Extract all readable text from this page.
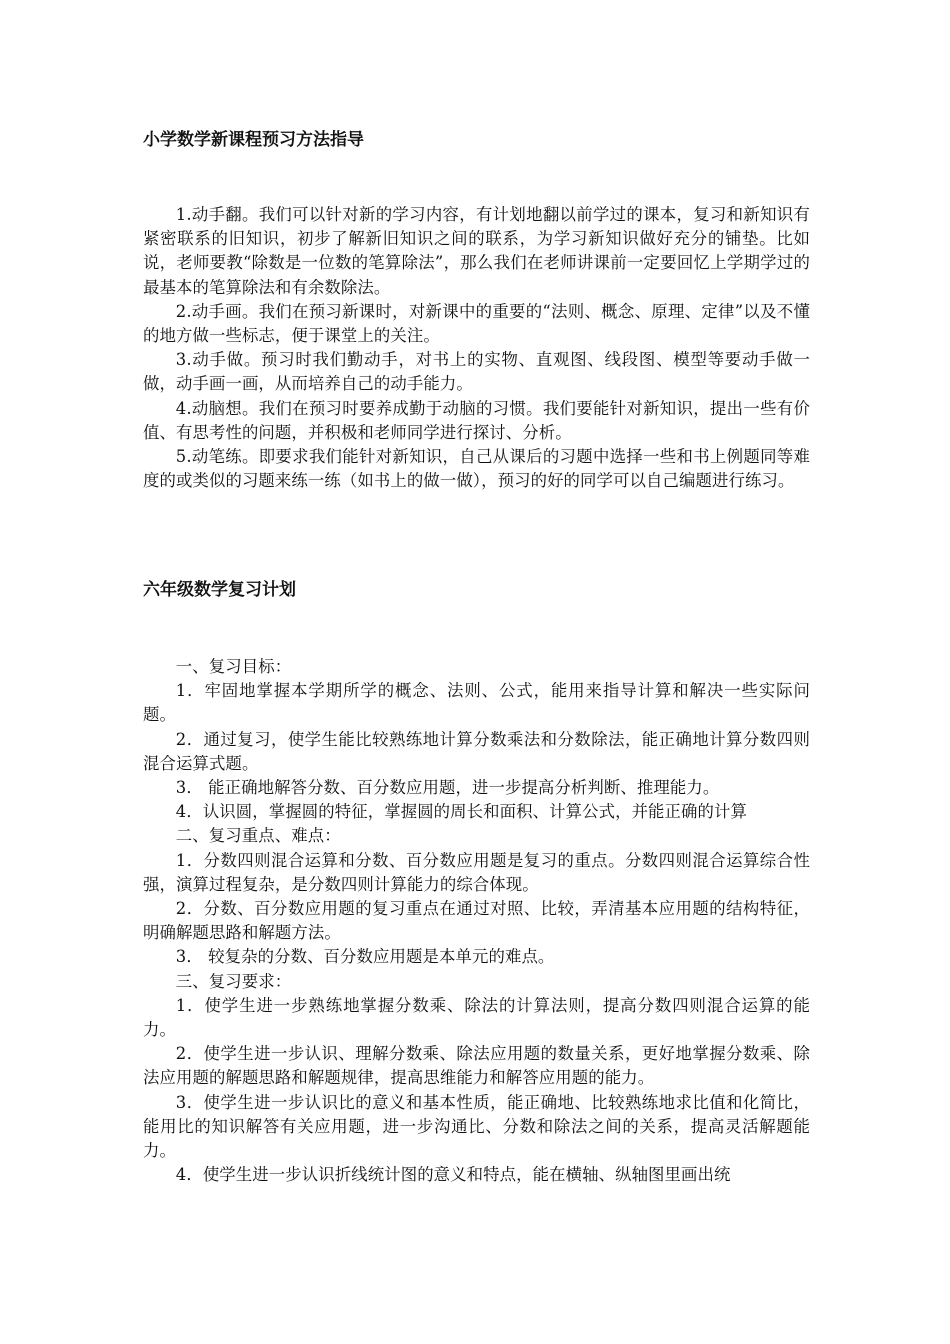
小学数学新课程预习方法指导

1.动手翻。我们可以针对新的学习内容，有计划地翻以前学过的课本，复习和新知识有紧密联系的旧知识，初步了解新旧知识之间的联系，为学习新知识做好充分的铺垫。比如说，老师要教“除数是一位数的笔算除法”，那么我们在老师讲课前一定要回忆上学期学过的最基本的笔算除法和有余数除法。

2.动手画。我们在预习新课时，对新课中的重要的“法则、概念、原理、定律”以及不懂的地方做一些标志，便于课堂上的关注。

3.动手做。预习时我们勤动手，对书上的实物、直观图、线段图、模型等要动手做一做，动手画一画，从而培养自己的动手能力。

4.动脑想。我们在预习时要养成勤于动脑的习惯。我们要能针对新知识，提出一些有价值、有思考性的问题，并积极和老师同学进行探讨、分析。

5.动笔练。即要求我们能针对新知识，自己从课后的习题中选择一些和书上例题同等难度的或类似的习题来练一练（如书上的做一做），预习的好的同学可以自己编题进行练习。

六年级数学复习计划

一、复习目标：

1．牢固地掌握本学期所学的概念、法则、公式，能用来指导计算和解决一些实际问题。

2．通过复习，使学生能比较熟练地计算分数乘法和分数除法，能正确地计算分数四则混合运算式题。

3． 能正确地解答分数、百分数应用题，进一步提高分析判断、推理能力。

4．认识圆，掌握圆的特征，掌握圆的周长和面积、计算公式，并能正确的计算

二、复习重点、难点：

1．分数四则混合运算和分数、百分数应用题是复习的重点。分数四则混合运算综合性强，演算过程复杂，是分数四则计算能力的综合体现。

2．分数、百分数应用题的复习重点在通过对照、比较，弄清基本应用题的结构特征，明确解题思路和解题方法。

3． 较复杂的分数、百分数应用题是本单元的难点。

三、复习要求：

1．使学生进一步熟练地掌握分数乘、除法的计算法则，提高分数四则混合运算的能力。

2．使学生进一步认识、理解分数乘、除法应用题的数量关系，更好地掌握分数乘、除法应用题的解题思路和解题规律，提高思维能力和解答应用题的能力。

3．使学生进一步认识比的意义和基本性质，能正确地、比较熟练地求比值和化简比，能用比的知识解答有关应用题，进一步沟通比、分数和除法之间的关系，提高灵活解题能力。

4．使学生进一步认识折线统计图的意义和特点，能在横轴、纵轴图里画出统
